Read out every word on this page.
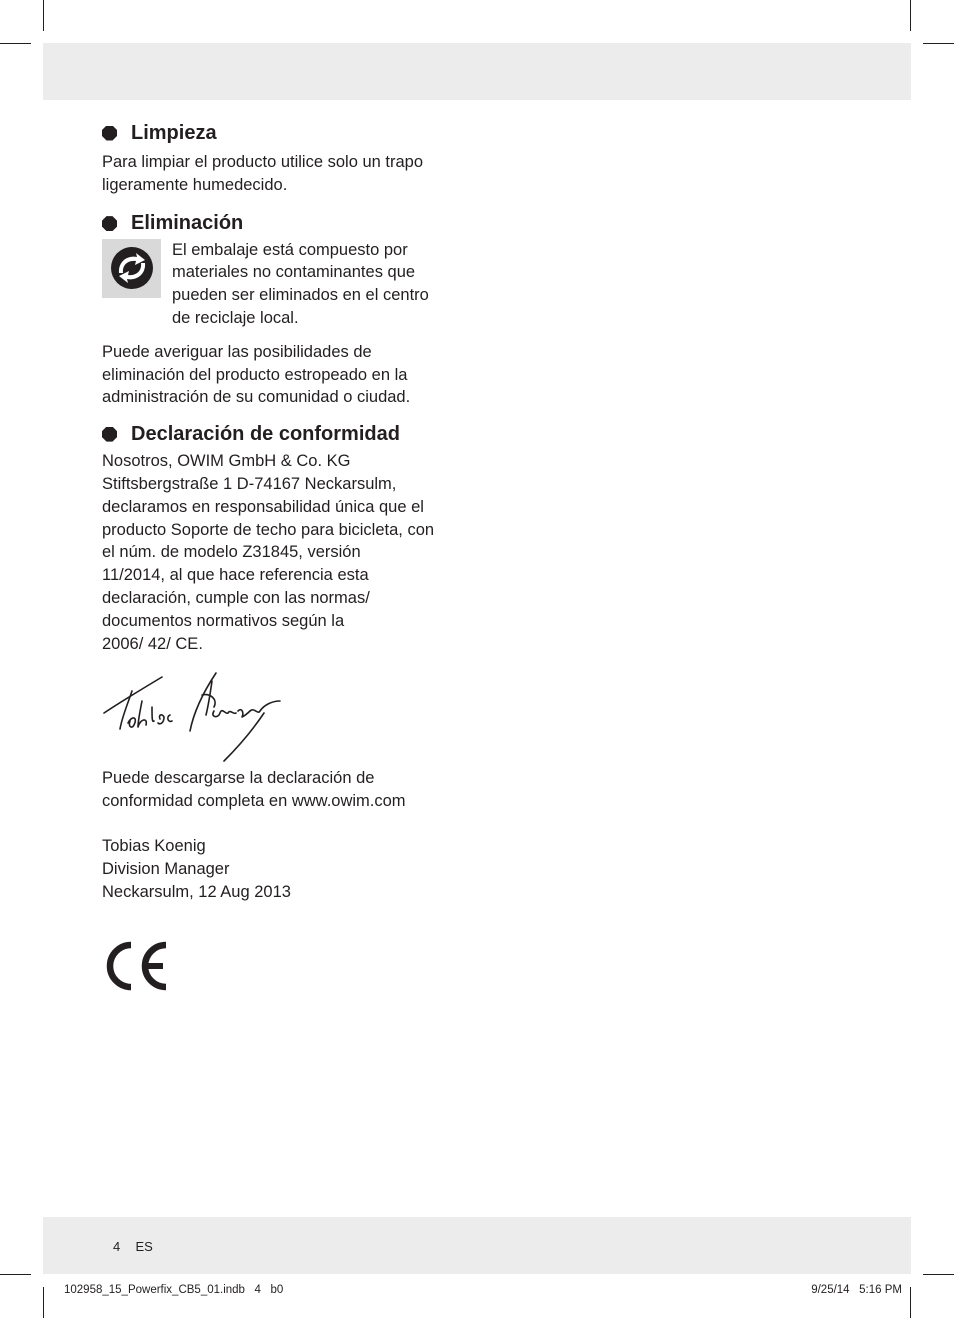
Limpieza

Para limpiar el producto utilice solo un trapo
ligeramente humedecido.

Eliminación

El embalaje está compuesto por
materiales no contaminantes que
pueden ser eliminados en el centro
de reciclaje local.

Puede averiguar las posibilidades de
eliminación del producto estropeado en la
administración de su comunidad o ciudad.

Declaración de conformidad

Nosotros, OWIM GmbH & Co. KG
Stiftsbergstraße 1 D-74167 Neckarsulm,
declaramos en responsabilidad única que el
producto Soporte de techo para bicicleta, con
el núm. de modelo Z31845, versión
11/2014, al que hace referencia esta
declaración, cumple con las normas/
documentos normativos según la
2006/ 42/ CE.

Puede descargarse la declaración de
conformidad completa en www.owim.com

Tobias Koenig

Division Manager

Neckarsulm, 12 Aug 2013

4 ES
102958_15_Powerfix_CB5_01.indb   4   b0	9/25/14   5:16 PM
